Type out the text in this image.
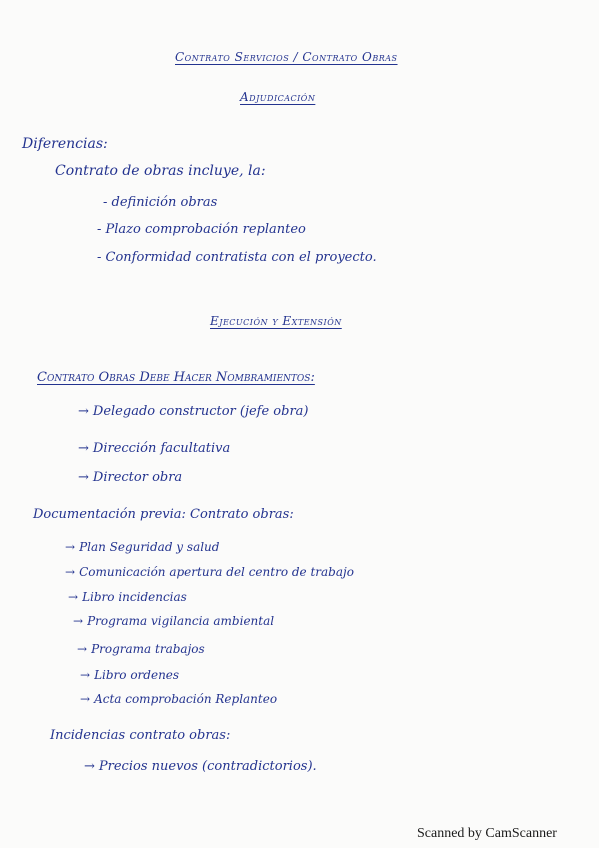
Contrato Servicios / Contrato Obras
Adjudicación
Diferencias:
Contrato de obras incluye, la:
- definición obras
- Plazo comprobación replanteo
- Conformidad contratista con el proyecto.
Ejecución y Extensión
Contrato Obras Debe Hacer Nombramientos:
→ Delegado constructor (jefe obra)
→ Dirección facultativa
→ Director obra
Documentación previa: Contrato obras:
→ Plan Seguridad y salud
→ Comunicación apertura del centro de trabajo
→ Libro incidencias
→ Programa vigilancia ambiental
→ Programa trabajos
→ Libro ordenes
→ Acta comprobación Replanteo
Incidencias contrato obras:
→ Precios nuevos (contradictorios).
Scanned by CamScanner
